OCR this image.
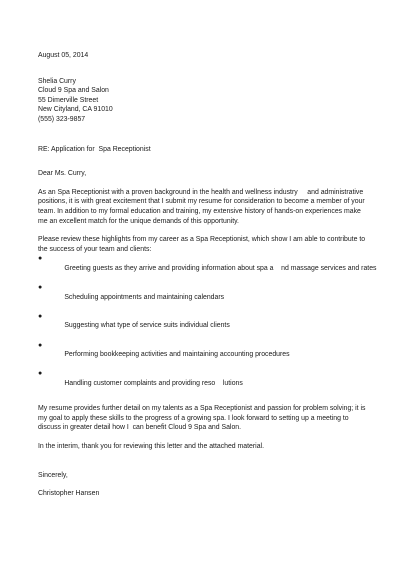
August 05, 2014
Shelia Curry
Cloud 9 Spa and Salon
55 Dimerville Street
New Cityland, CA 91010
(555) 323-9857
RE: Application for  Spa Receptionist
Dear Ms. Curry,
As an Spa Receptionist with a proven background in the health and wellness industry     and administrative
positions, it is with great excitement that I submit my resume for consideration to become a member of your
team. In addition to my formal education and training, my extensive history of hands-on experiences make
me an excellent match for the unique demands of this opportunity.
Please review these highlights from my career as a Spa Receptionist, which show I am able to contribute to
the success of your team and clients:

●
Greeting guests as they arrive and providing information about spa a    nd massage services and rates

●
Scheduling appointments and maintaining calendars

●
Suggesting what type of service suits individual clients

●
Performing bookkeeping activities and maintaining accounting procedures

●
Handling customer complaints and providing reso    lutions

My resume provides further detail on my talents as a Spa Receptionist and passion for problem solving; it is
my goal to apply these skills to the progress of a growing spa. I look forward to setting up a meeting to
discuss in greater detail how I  can benefit Cloud 9 Spa and Salon.
In the interim, thank you for reviewing this letter and the attached material.
Sincerely,
Christopher Hansen
